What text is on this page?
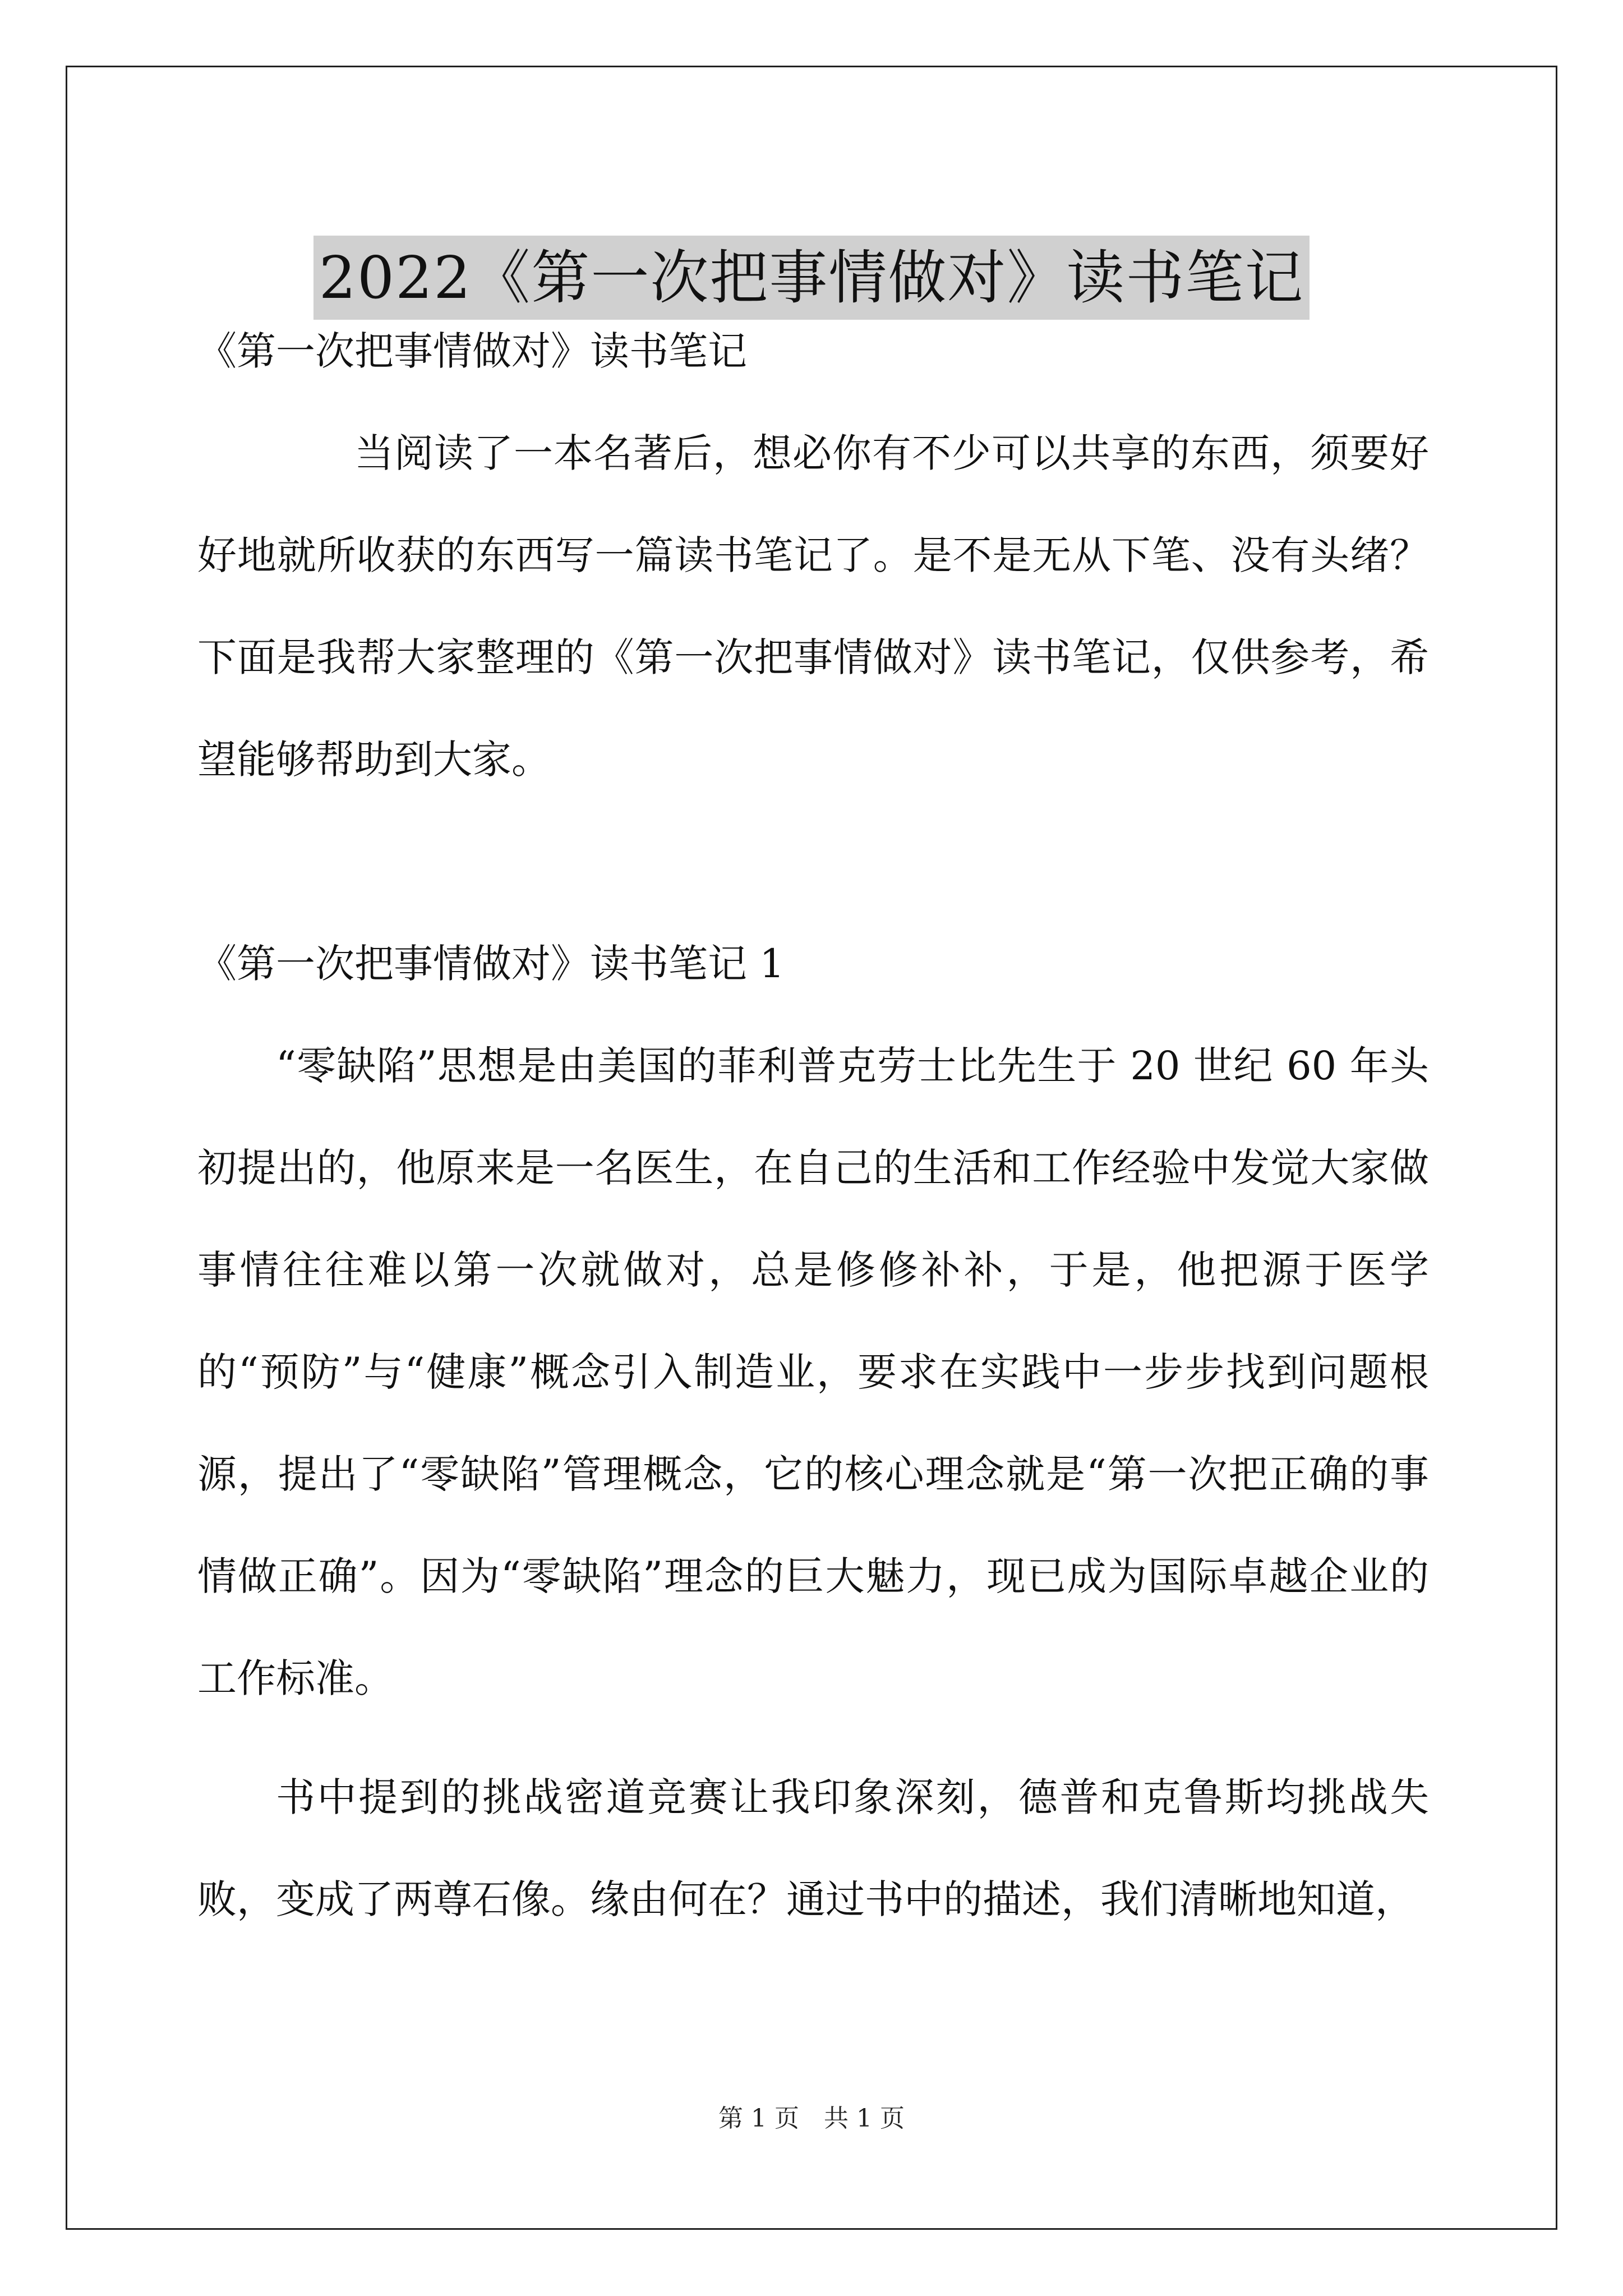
2022《第一次把事情做对》读书笔记
《第一次把事情做对》读书笔记

当阅读了一本名著后，想必你有不少可以共享的东西，须要好好地就所收获的东西写一篇读书笔记了。是不是无从下笔、没有头绪？下面是我帮大家整理的《第一次把事情做对》读书笔记，仅供参考，希望能够帮助到大家。

《第一次把事情做对》读书笔记 1

“零缺陷”思想是由美国的菲利普克劳士比先生于 20 世纪 60 年头初提出的，他原来是一名医生，在自己的生活和工作经验中发觉大家做事情往往难以第一次就做对，总是修修补补，于是，他把源于医学的“预防”与“健康”概念引入制造业，要求在实践中一步步找到问题根源，提出了“零缺陷”管理概念，它的核心理念就是“第一次把正确的事情做正确”。因为“零缺陷”理念的巨大魅力，现已成为国际卓越企业的工作标准。

书中提到的挑战密道竞赛让我印象深刻，德普和克鲁斯均挑战失败，变成了两尊石像。缘由何在？通过书中的描述，我们清晰地知道，

第 1 页 共 1 页
